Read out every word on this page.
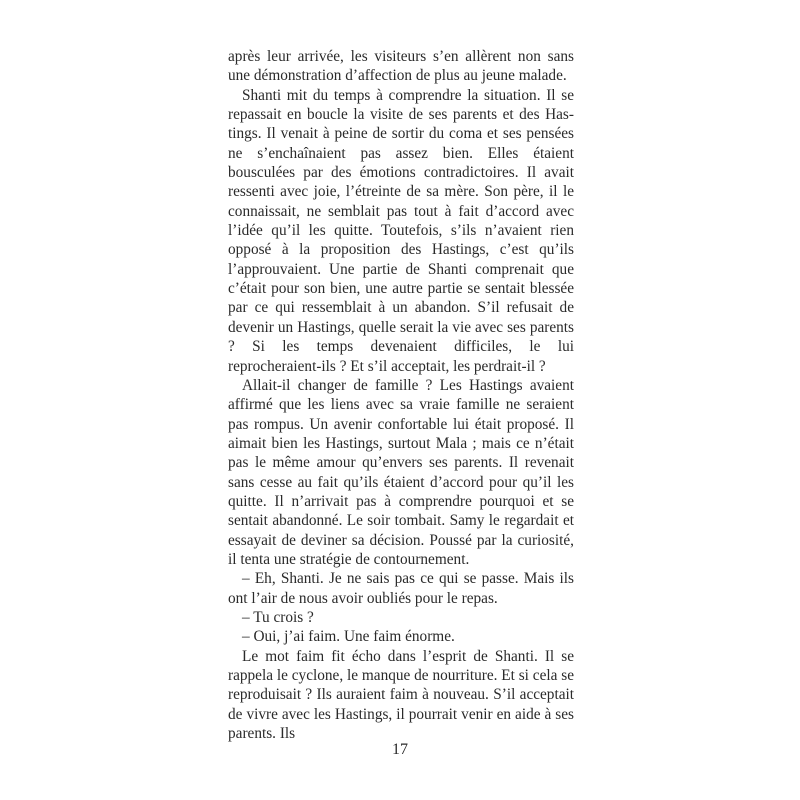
après leur arrivée, les visiteurs s’en allèrent non sans une démonstration d’affection de plus au jeune malade.

Shanti mit du temps à comprendre la situation. Il se repassait en boucle la visite de ses parents et des Hastings. Il venait à peine de sortir du coma et ses pensées ne s’enchaînaient pas assez bien. Elles étaient bousculées par des émotions contradictoires. Il avait ressenti avec joie, l’étreinte de sa mère. Son père, il le connaissait, ne semblait pas tout à fait d’accord avec l’idée qu’il les quitte. Toutefois, s’ils n’avaient rien opposé à la proposition des Hastings, c’est qu’ils l’approuvaient. Une partie de Shanti comprenait que c’était pour son bien, une autre partie se sentait blessée par ce qui ressemblait à un abandon. S’il refusait de devenir un Hastings, quelle serait la vie avec ses parents ? Si les temps devenaient difficiles, le lui reprocheraient-ils ? Et s’il acceptait, les perdrait-il ?

Allait-il changer de famille ? Les Hastings avaient affirmé que les liens avec sa vraie famille ne seraient pas rompus. Un avenir confortable lui était proposé. Il aimait bien les Hastings, surtout Mala ; mais ce n’était pas le même amour qu’envers ses parents. Il revenait sans cesse au fait qu’ils étaient d’accord pour qu’il les quitte. Il n’arrivait pas à comprendre pourquoi et se sentait abandonné. Le soir tombait. Samy le regardait et essayait de deviner sa décision. Poussé par la curiosité, il tenta une stratégie de contournement.

– Eh, Shanti. Je ne sais pas ce qui se passe. Mais ils ont l’air de nous avoir oubliés pour le repas.

– Tu crois ?

– Oui, j’ai faim. Une faim énorme.

Le mot faim fit écho dans l’esprit de Shanti. Il se rappela le cyclone, le manque de nourriture. Et si cela se reproduisait ? Ils auraient faim à nouveau. S’il acceptait de vivre avec les Hastings, il pourrait venir en aide à ses parents. Ils

17
